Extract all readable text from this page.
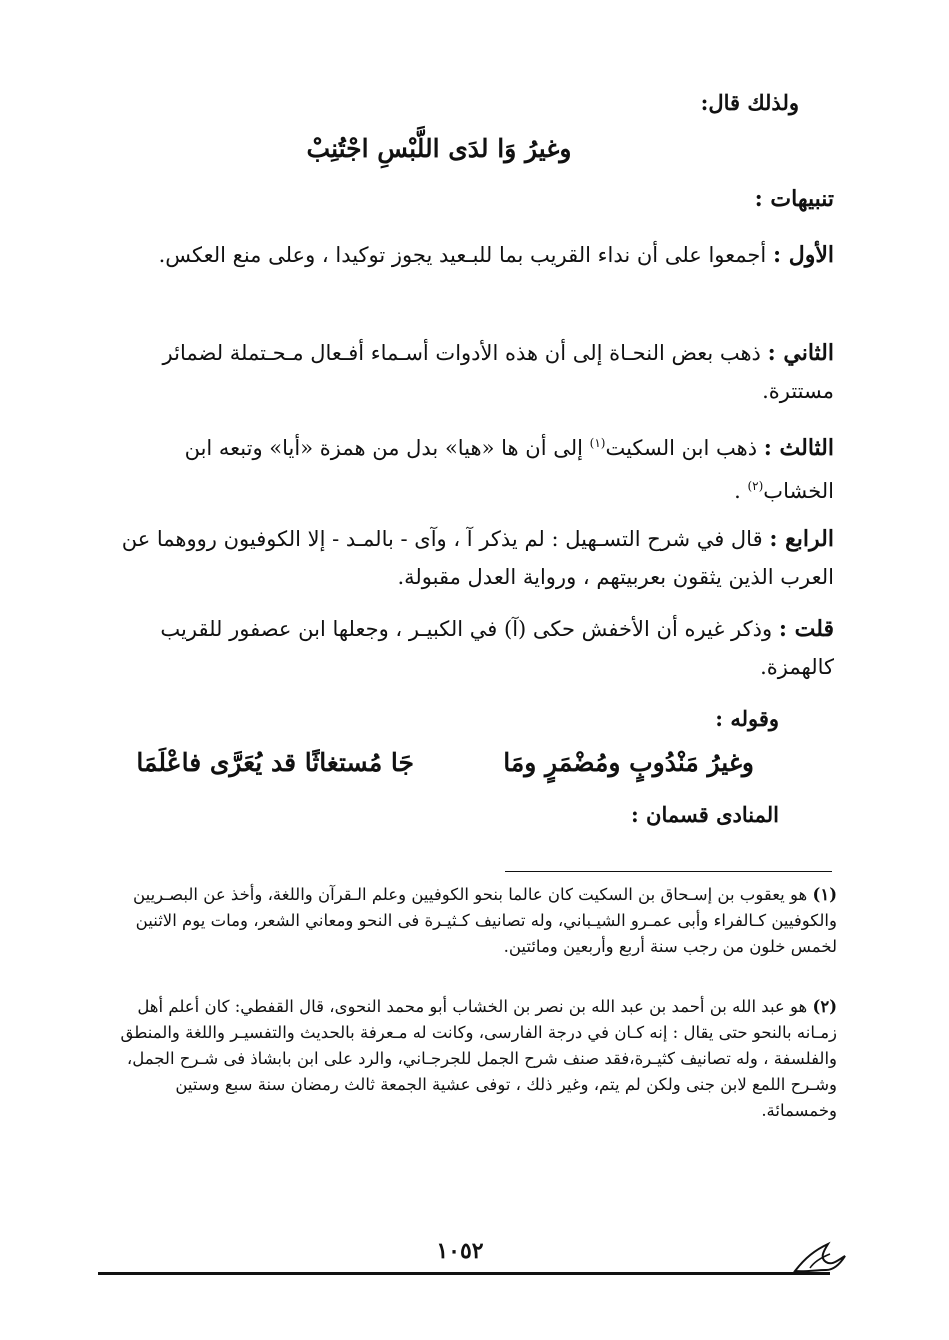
ولذلك قال:
وغيرُ وَا لدَى اللَّبْسِ اجْتُنِبْ
تنبيهات :
الأول : أجمعوا على أن نداء القريب بما للبـعيد يجوز توكيدا ، وعلى منع العكس.
الثاني : ذهب بعض النحـاة إلى أن هذه الأدوات أسـماء أفـعال مـحـتملة لضمائر مستترة.
الثالث : ذهب ابن السكيت$^{(١)}$ إلى أن ها «هيا» بدل من همزة «أيا» وتبعه ابن الخشاب$^{(٢)}$ .
الرابع : قال في شرح التسـهيل : لم يذكر آ ، وآى - بالمـد - إلا الكوفيون رووهما عن العرب الذين يثقون بعربيتهم ، ورواية العدل مقبولة.
قلت : وذكر غيره أن الأخفش حكى (آ) في الكبيـر ، وجعلها ابن عصفور للقريب كالهمزة.
وقوله :
وغيرُ مَنْدُوبٍ ومُضْمَرٍ ومَا
جَا مُستغاثًا قد يُعَرَّى فاعْلَمَا
المنادى قسمان :
(١) هو يعقوب بن إسـحاق بن السكيت كان عالما بنحو الكوفيين وعلم الـقرآن واللغة، وأخذ عن البصـريين والكوفيين كـالفراء وأبى عمـرو الشيـباني، وله تصانيف كـثيـرة فى النحو ومعاني الشعر، ومات يوم الاثنين لخمس خلون من رجب سنة أربع وأربعين ومائتين.
(٢) هو عبد الله بن أحمد بن عبد الله بن نصر بن الخشاب أبو محمد النحوى، قال القفطي: كان أعلم أهل زمـانه بالنحو حتى يقال : إنه كـان في درجة الفارسى، وكانت له مـعرفة بالحديث والتفسيـر واللغة والمنطق والفلسفة ، وله تصانيف كثيـرة،فقد صنف شرح الجمل للجرجـاني، والرد على ابن بابشاذ فى شـرح الجمل، وشـرح اللمع لابن جنى ولكن لم يتم، وغير ذلك ، توفى عشية الجمعة ثالث رمضان سنة سبع وستين وخمسمائة.
١٠٥٢
